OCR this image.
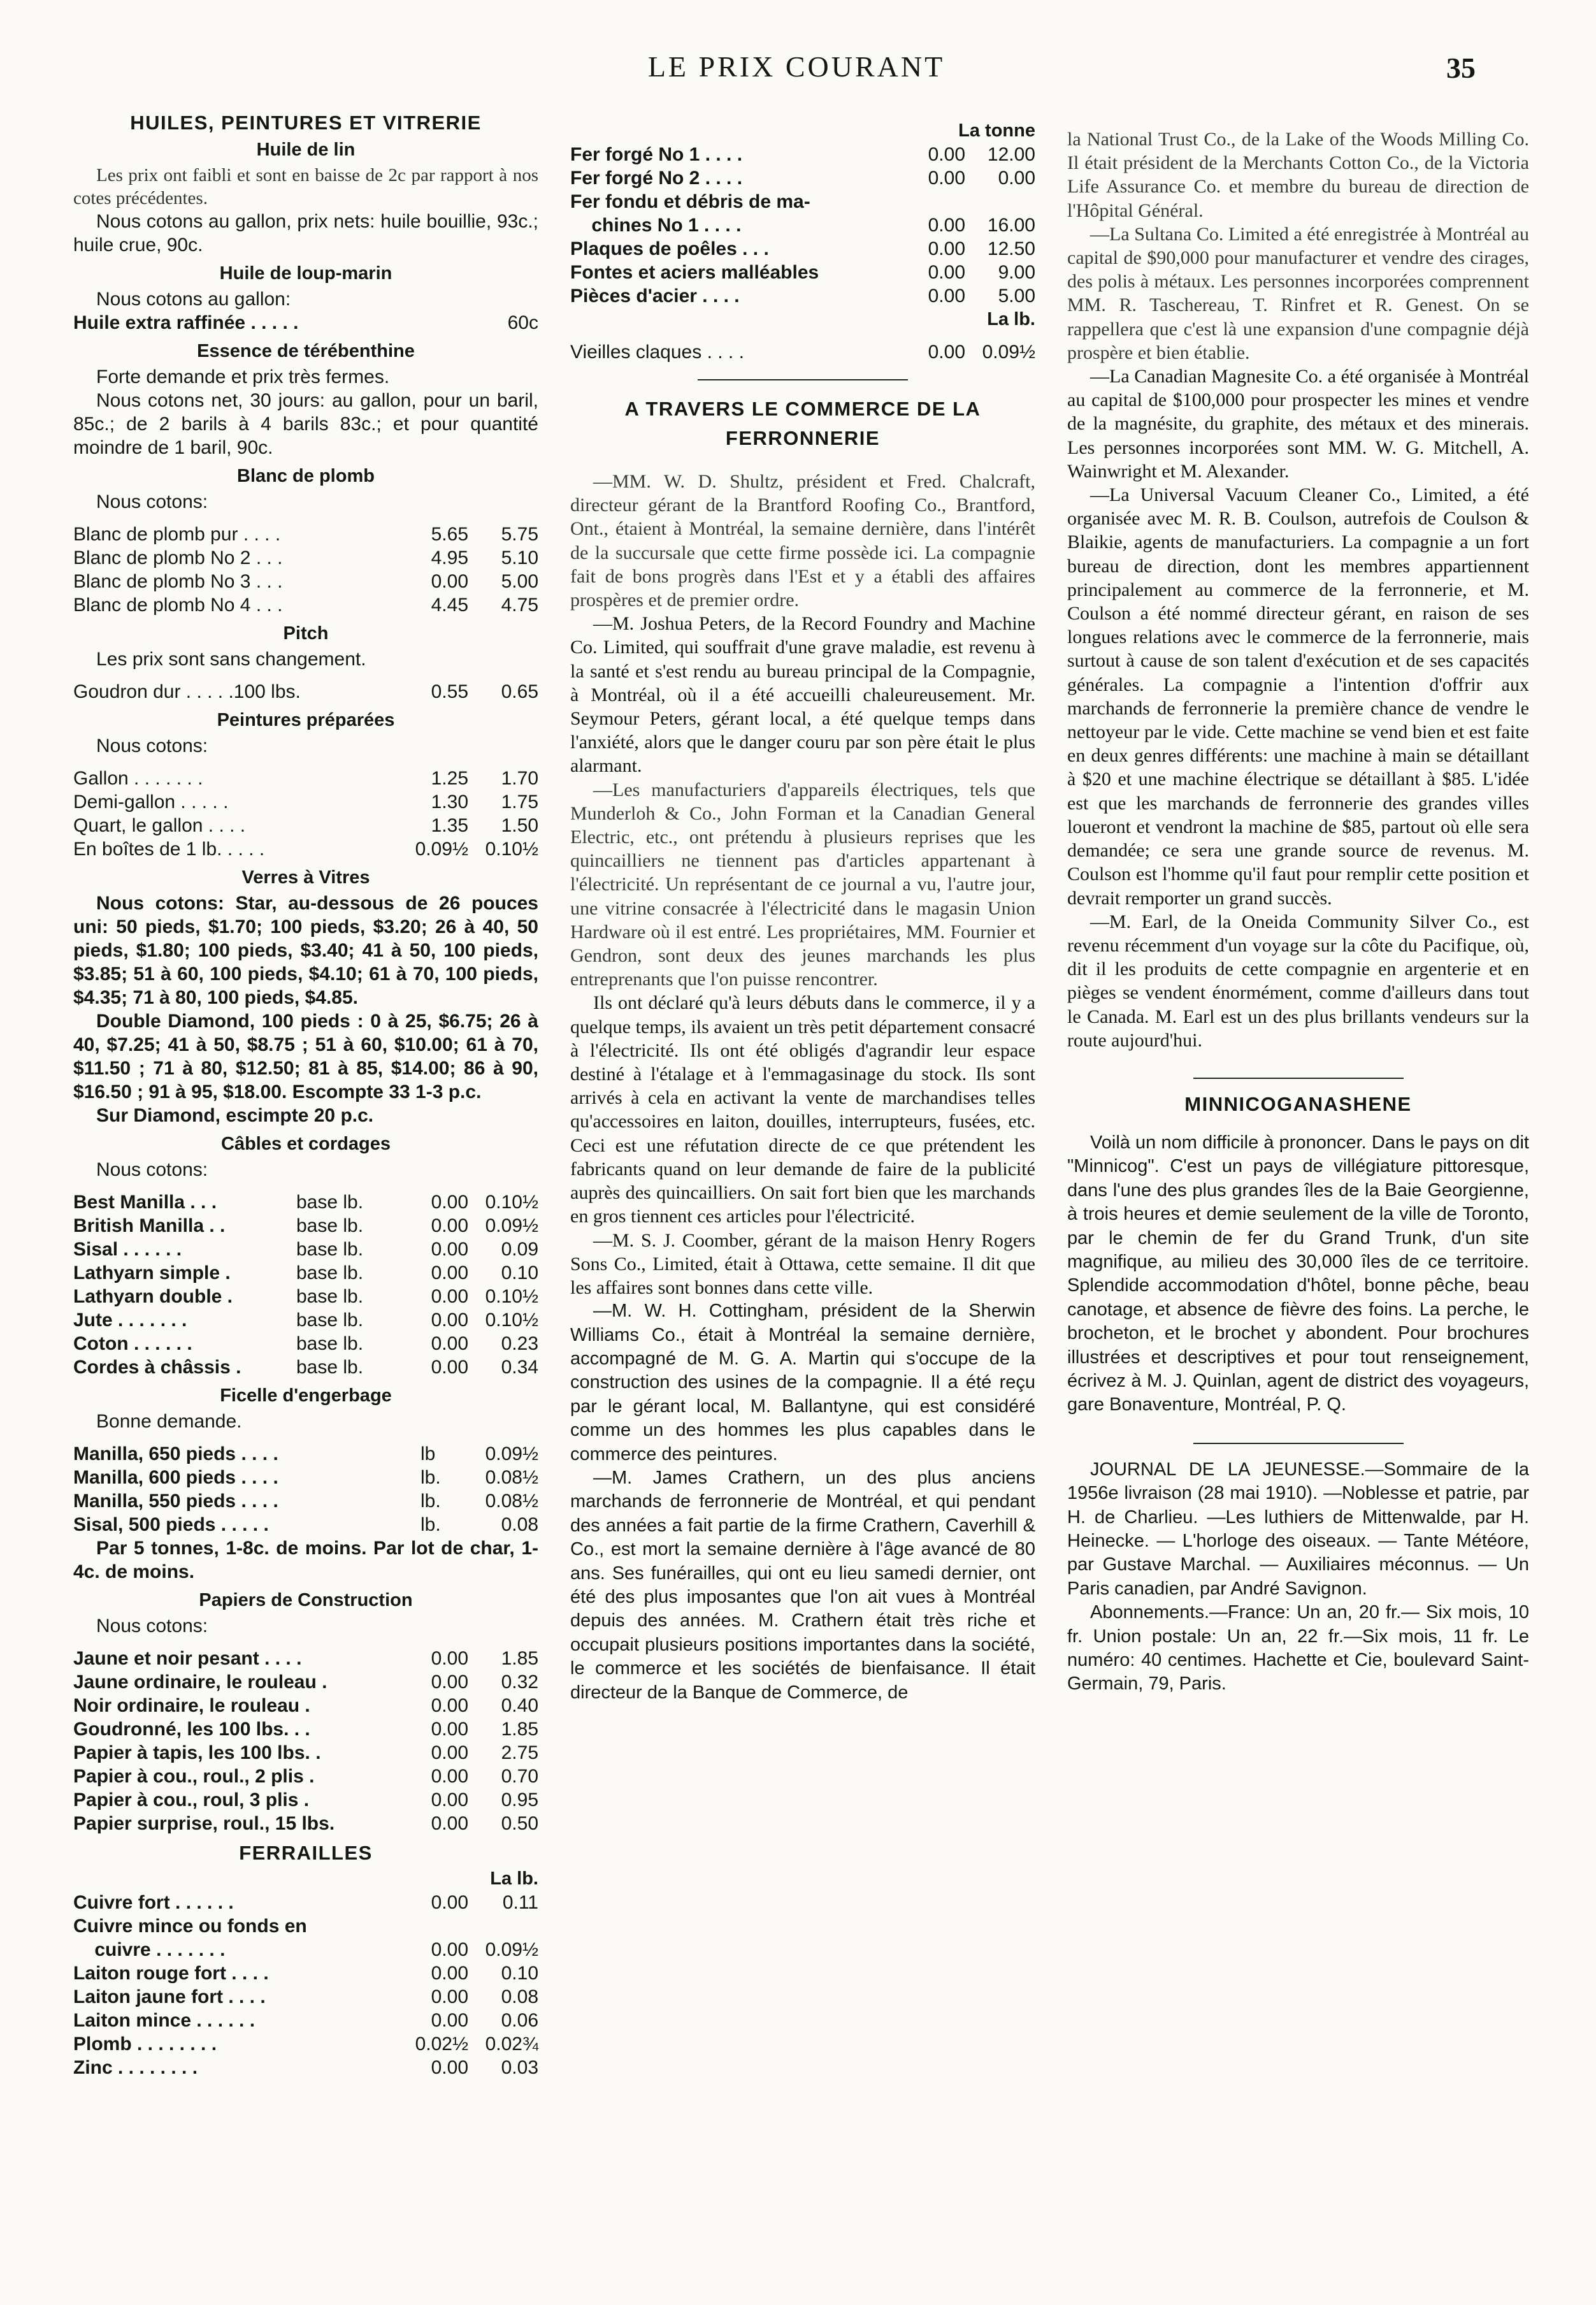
LE PRIX COURANT	35
HUILES, PEINTURES ET VITRERIE
Huile de lin

Les prix ont faibli et sont en baisse de 2c par rapport à nos cotes précédentes.

Nous cotons au gallon, prix nets: huile bouillie, 93c.; huile crue, 90c.

Huile de loup-marin

Nous cotons au gallon:

Huile extra raffinée . . . . .	60c
Essence de térébenthine

Forte demande et prix très fermes.

Nous cotons net, 30 jours: au gallon, pour un baril, 85c.; de 2 barils à 4 barils 83c.; et pour quantité moindre de 1 baril, 90c.

Blanc de plomb

Nous cotons:

Blanc de plomb pur . . . .	5.65	5.75
Blanc de plomb No 2 . . .	4.95	5.10
Blanc de plomb No 3 . . .	0.00	5.00
Blanc de plomb No 4 . . .	4.45	4.75
Pitch

Les prix sont sans changement.

Goudron dur . . . . .100 lbs.	0.55	0.65
Peintures préparées

Nous cotons:

Gallon . . . . . . .	1.25	1.70
Demi-gallon . . . . .	1.30	1.75
Quart, le gallon . . . .	1.35	1.50
En boîtes de 1 lb. . . . .	0.09½ 0.10½
Verres à Vitres

Nous cotons: Star, au-dessous de 26 pouces uni: 50 pieds, $1.70; 100 pieds, $3.20; 26 à 40, 50 pieds, $1.80; 100 pieds, $3.40; 41 à 50, 100 pieds, $3.85; 51 à 60, 100 pieds, $4.10; 61 à 70, 100 pieds, $4.35; 71 à 80, 100 pieds, $4.85.

Double Diamond, 100 pieds : 0 à 25, $6.75; 26 à 40, $7.25; 41 à 50, $8.75 ; 51 à 60, $10.00; 61 à 70, $11.50 ; 71 à 80, $12.50; 81 à 85, $14.00; 86 à 90, $16.50 ; 91 à 95, $18.00. Escompte 33 1-3 p.c.

Sur Diamond, escimpte 20 p.c.

Câbles et cordages

Nous cotons:

Best Manilla . . .	base lb.	0.00 0.10½
British Manilla . .	base lb.	0.00 0.09½
Sisal . . . . . .	base lb.	0.00	0.09
Lathyarn simple .	base lb.	0.00	0.10
Lathyarn double .	base lb.	0.00 0.10½
Jute . . . . . . .	base lb.	0.00 0.10½
Coton . . . . . .	base lb.	0.00	0.23
Cordes à châssis .	base lb.	0.00	0.34
Ficelle d'engerbage

Bonne demande.

Manilla, 650 pieds . . . .	lb	0.09½
Manilla, 600 pieds . . . .	lb.	0.08½
Manilla, 550 pieds . . . .	lb.	0.08½
Sisal, 500 pieds . . . . .	lb.	0.08

Par 5 tonnes, 1-8c. de moins. Par lot de char, 1-4c. de moins.

Papiers de Construction

Nous cotons:

Jaune et noir pesant . . . .	0.00	1.85
Jaune ordinaire, le rouleau .	0.00	0.32
Noir ordinaire, le rouleau .	0.00	0.40
Goudronné, les 100 lbs. . .	0.00	1.85
Papier à tapis, les 100 lbs. .	0.00	2.75
Papier à cou., roul., 2 plis .	0.00	0.70
Papier à cou., roul, 3 plis .	0.00	0.95
Papier surprise, roul., 15 lbs.	0.00	0.50
FERRAILLES
La lb.
Cuivre fort . . . . . .	0.00	0.11
Cuivre mince ou fonds en
cuivre . . . . . . .	0.00 0.09½
Laiton rouge fort . . . .	0.00	0.10
Laiton jaune fort . . . .	0.00	0.08
Laiton mince . . . . . .	0.00	0.06
Plomb . . . . . . . .	0.02½ 0.02¾
Zinc . . . . . . . .	0.00	0.03
La tonne
Fer forgé No 1 . . . .	0.00	12.00
Fer forgé No 2 . . . .	0.00	0.00
Fer fondu et débris de ma-
chines No 1 . . . .	0.00	16.00
Plaques de poêles . . .	0.00	12.50
Fontes et aciers malléables	0.00	9.00
Pièces d'acier . . . .	0.00	5.00
La lb.
Vieilles claques . . . .	0.00 0.09½
A TRAVERS LE COMMERCE DE LA FERRONNERIE

—MM. W. D. Shultz, président et Fred. Chalcraft, directeur gérant de la Brantford Roofing Co., Brantford, Ont., étaient à Montréal, la semaine dernière, dans l'intérêt de la succursale que cette firme possède ici. La compagnie fait de bons progrès dans l'Est et y a établi des affaires prospères et de premier ordre.

—M. Joshua Peters, de la Record Foundry and Machine Co. Limited, qui souffrait d'une grave maladie, est revenu à la santé et s'est rendu au bureau principal de la Compagnie, à Montréal, où il a été accueilli chaleureusement. Mr. Seymour Peters, gérant local, a été quelque temps dans l'anxiété, alors que le danger couru par son père était le plus alarmant.

—Les manufacturiers d'appareils électriques, tels que Munderloh & Co., John Forman et la Canadian General Electric, etc., ont prétendu à plusieurs reprises que les quincailliers ne tiennent pas d'articles appartenant à l'électricité. Un représentant de ce journal a vu, l'autre jour, une vitrine consacrée à l'électricité dans le magasin Union Hardware où il est entré. Les propriétaires, MM. Fournier et Gendron, sont deux des jeunes marchands les plus entreprenants que l'on puisse rencontrer.

Ils ont déclaré qu'à leurs débuts dans le commerce, il y a quelque temps, ils avaient un très petit département consacré à l'électricité. Ils ont été obligés d'agrandir leur espace destiné à l'étalage et à l'emmagasinage du stock. Ils sont arrivés à cela en activant la vente de marchandises telles qu'accessoires en laiton, douilles, interrupteurs, fusées, etc. Ceci est une réfutation directe de ce que prétendent les fabricants quand on leur demande de faire de la publicité auprès des quincailliers. On sait fort bien que les marchands en gros tiennent ces articles pour l'électricité.

—M. S. J. Coomber, gérant de la maison Henry Rogers Sons Co., Limited, était à Ottawa, cette semaine. Il dit que les affaires sont bonnes dans cette ville.

—M. W. H. Cottingham, président de la Sherwin Williams Co., était à Montréal la semaine dernière, accompagné de M. G. A. Martin qui s'occupe de la construction des usines de la compagnie. Il a été reçu par le gérant local, M. Ballantyne, qui est considéré comme un des hommes les plus capables dans le commerce des peintures.

—M. James Crathern, un des plus anciens marchands de ferronnerie de Montréal, et qui pendant des années a fait partie de la firme Crathern, Caverhill & Co., est mort la semaine dernière à l'âge avancé de 80 ans. Ses funérailles, qui ont eu lieu samedi dernier, ont été des plus imposantes que l'on ait vues à Montréal depuis des années. M. Crathern était très riche et occupait plusieurs positions importantes dans la société, le commerce et les sociétés de bienfaisance. Il était directeur de la Banque de Commerce, de

la National Trust Co., de la Lake of the Woods Milling Co. Il était président de la Merchants Cotton Co., de la Victoria Life Assurance Co. et membre du bureau de direction de l'Hôpital Général.

—La Sultana Co. Limited a été enregistrée à Montréal au capital de $90,000 pour manufacturer et vendre des cirages, des polis à métaux. Les personnes incorporées comprennent MM. R. Taschereau, T. Rinfret et R. Genest. On se rappellera que c'est là une expansion d'une compagnie déjà prospère et bien établie.

—La Canadian Magnesite Co. a été organisée à Montréal au capital de $100,000 pour prospecter les mines et vendre de la magnésite, du graphite, des métaux et des minerais. Les personnes incorporées sont MM. W. G. Mitchell, A. Wainwright et M. Alexander.

—La Universal Vacuum Cleaner Co., Limited, a été organisée avec M. R. B. Coulson, autrefois de Coulson & Blaikie, agents de manufacturiers. La compagnie a un fort bureau de direction, dont les membres appartiennent principalement au commerce de la ferronnerie, et M. Coulson a été nommé directeur gérant, en raison de ses longues relations avec le commerce de la ferronnerie, mais surtout à cause de son talent d'exécution et de ses capacités générales. La compagnie a l'intention d'offrir aux marchands de ferronnerie la première chance de vendre le nettoyeur par le vide. Cette machine se vend bien et est faite en deux genres différents: une machine à main se détaillant à $20 et une machine électrique se détaillant à $85. L'idée est que les marchands de ferronnerie des grandes villes loueront et vendront la machine de $85, partout où elle sera demandée; ce sera une grande source de revenus. M. Coulson est l'homme qu'il faut pour remplir cette position et devrait remporter un grand succès.

—M. Earl, de la Oneida Community Silver Co., est revenu récemment d'un voyage sur la côte du Pacifique, où, dit il les produits de cette compagnie en argenterie et en pièges se vendent énormément, comme d'ailleurs dans tout le Canada. M. Earl est un des plus brillants vendeurs sur la route aujourd'hui.

MINNICOGANASHENE

Voilà un nom difficile à prononcer. Dans le pays on dit "Minnicog". C'est un pays de villégiature pittoresque, dans l'une des plus grandes îles de la Baie Georgienne, à trois heures et demie seulement de la ville de Toronto, par le chemin de fer du Grand Trunk, d'un site magnifique, au milieu des 30,000 îles de ce territoire. Splendide accommodation d'hôtel, bonne pêche, beau canotage, et absence de fièvre des foins. La perche, le brocheton, et le brochet y abondent. Pour brochures illustrées et descriptives et pour tout renseignement, écrivez à M. J. Quinlan, agent de district des voyageurs, gare Bonaventure, Montréal, P. Q.

JOURNAL DE LA JEUNESSE.—Sommaire de la 1956e livraison (28 mai 1910). —Noblesse et patrie, par H. de Charlieu. —Les luthiers de Mittenwalde, par H. Heinecke. — L'horloge des oiseaux. — Tante Météore, par Gustave Marchal. — Auxiliaires méconnus. — Un Paris canadien, par André Savignon.

Abonnements.—France: Un an, 20 fr.— Six mois, 10 fr. Union postale: Un an, 22 fr.—Six mois, 11 fr. Le numéro: 40 centimes. Hachette et Cie, boulevard Saint-Germain, 79, Paris.
